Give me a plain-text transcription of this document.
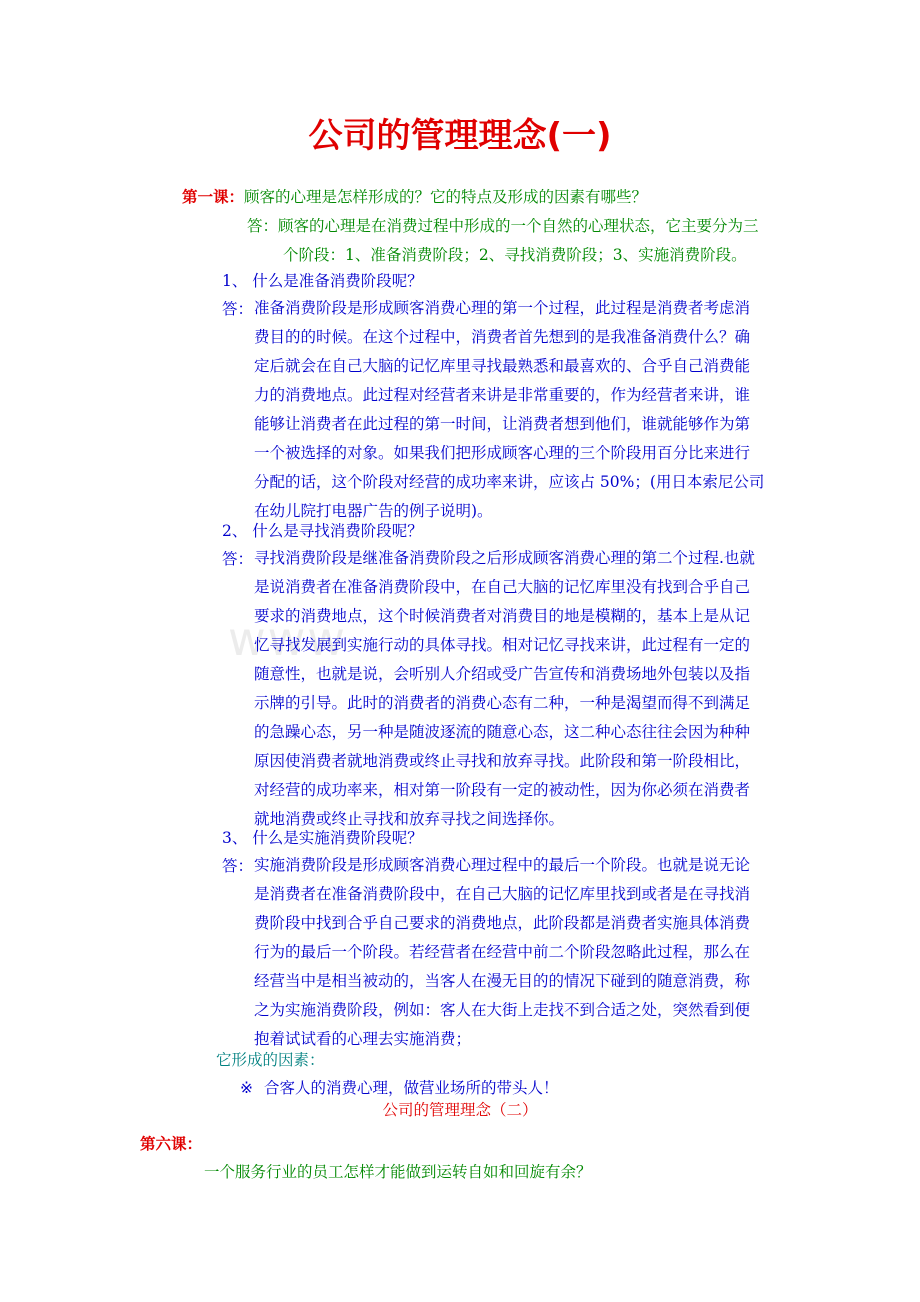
www
公司的管理理念(一)
第一课：顾客的心理是怎样形成的？它的特点及形成的因素有哪些？
答：顾客的心理是在消费过程中形成的一个自然的心理状态，它主要分为三
个阶段：1、准备消费阶段；2、寻找消费阶段；3、实施消费阶段。
1、 什么是准备消费阶段呢？
答： 准备消费阶段是形成顾客消费心理的第一个过程，此过程是消费者考虑消
费目的的时候。在这个过程中，消费者首先想到的是我准备消费什么？确
定后就会在自己大脑的记忆库里寻找最熟悉和最喜欢的、合乎自己消费能
力的消费地点。此过程对经营者来讲是非常重要的，作为经营者来讲，谁
能够让消费者在此过程的第一时间，让消费者想到他们，谁就能够作为第
一个被选择的对象。如果我们把形成顾客心理的三个阶段用百分比来进行
分配的话，这个阶段对经营的成功率来讲，应该占 50%；(用日本索尼公司
在幼儿院打电器广告的例子说明)。
2、 什么是寻找消费阶段呢？
答： 寻找消费阶段是继准备消费阶段之后形成顾客消费心理的第二个过程.也就
是说消费者在准备消费阶段中，在自己大脑的记忆库里没有找到合乎自己
要求的消费地点，这个时候消费者对消费目的地是模糊的，基本上是从记
忆寻找发展到实施行动的具体寻找。相对记忆寻找来讲，此过程有一定的
随意性，也就是说，会听别人介绍或受广告宣传和消费场地外包装以及指
示牌的引导。此时的消费者的消费心态有二种，一种是渴望而得不到满足
的急躁心态，另一种是随波逐流的随意心态，这二种心态往往会因为种种
原因使消费者就地消费或终止寻找和放弃寻找。此阶段和第一阶段相比，
对经营的成功率来，相对第一阶段有一定的被动性，因为你必须在消费者
就地消费或终止寻找和放弃寻找之间选择你。
3、 什么是实施消费阶段呢？
答： 实施消费阶段是形成顾客消费心理过程中的最后一个阶段。也就是说无论
是消费者在准备消费阶段中，在自己大脑的记忆库里找到或者是在寻找消
费阶段中找到合乎自己要求的消费地点，此阶段都是消费者实施具体消费
行为的最后一个阶段。若经营者在经营中前二个阶段忽略此过程，那么在
经营当中是相当被动的，当客人在漫无目的的情况下碰到的随意消费，称
之为实施消费阶段，例如：客人在大街上走找不到合适之处，突然看到便
抱着试试看的心理去实施消费；
它形成的因素：
※ 合客人的消费心理，做营业场所的带头人！
公司的管理理念（二）
第六课：
一个服务行业的员工怎样才能做到运转自如和回旋有余？
